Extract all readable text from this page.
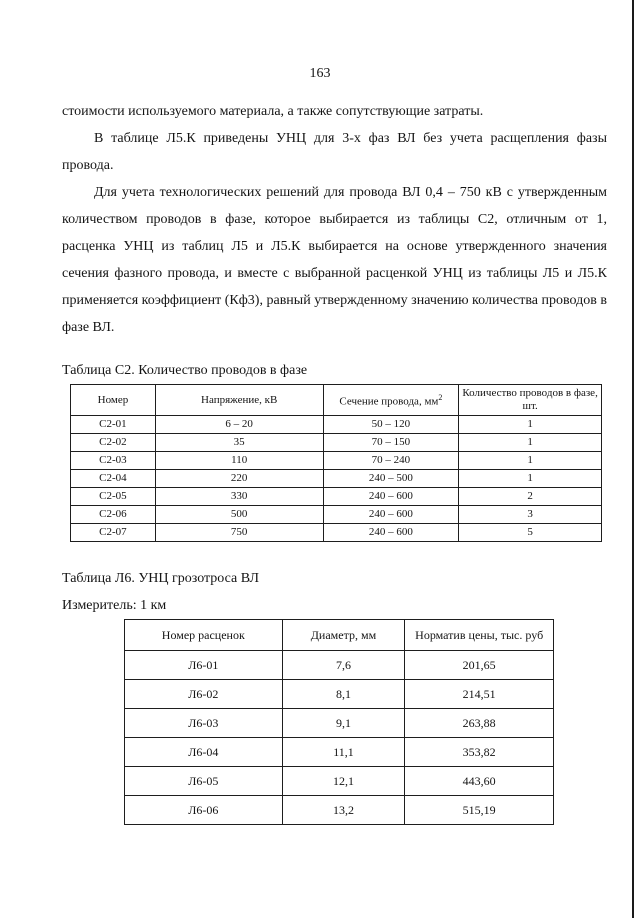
163

стоимости используемого материала, а также сопутствующие затраты.

В таблице Л5.К приведены УНЦ для 3-х фаз ВЛ без учета расщепления фазы провода.

Для учета технологических решений для провода ВЛ 0,4 – 750 кВ с утвержденным количеством проводов в фазе, которое выбирается из таблицы С2, отличным от 1, расценка УНЦ из таблиц Л5 и Л5.К выбирается на основе утвержденного значения сечения фазного провода, и вместе с выбранной расценкой УНЦ из таблицы Л5 и Л5.К применяется коэффициент (Кф3), равный утвержденному значению количества проводов в фазе ВЛ.

Таблица С2. Количество проводов в фазе
Номер	Напряжение, кВ	Сечение провода, $мм^2$	Количество проводов в фазе, шт.
С2-01	6 – 20	50 – 120	1
С2-02	35	70 – 150	1
С2-03	110	70 – 240	1
С2-04	220	240 – 500	1
С2-05	330	240 – 600	2
С2-06	500	240 – 600	3
С2-07	750	240 – 600	5
Таблица Л6. УНЦ грозотроса ВЛ
Измеритель: 1 км
Номер расценок	Диаметр, мм	Норматив цены, тыс. руб
Л6-01	7,6	201,65
Л6-02	8,1	214,51
Л6-03	9,1	263,88
Л6-04	11,1	353,82
Л6-05	12,1	443,60
Л6-06	13,2	515,19
